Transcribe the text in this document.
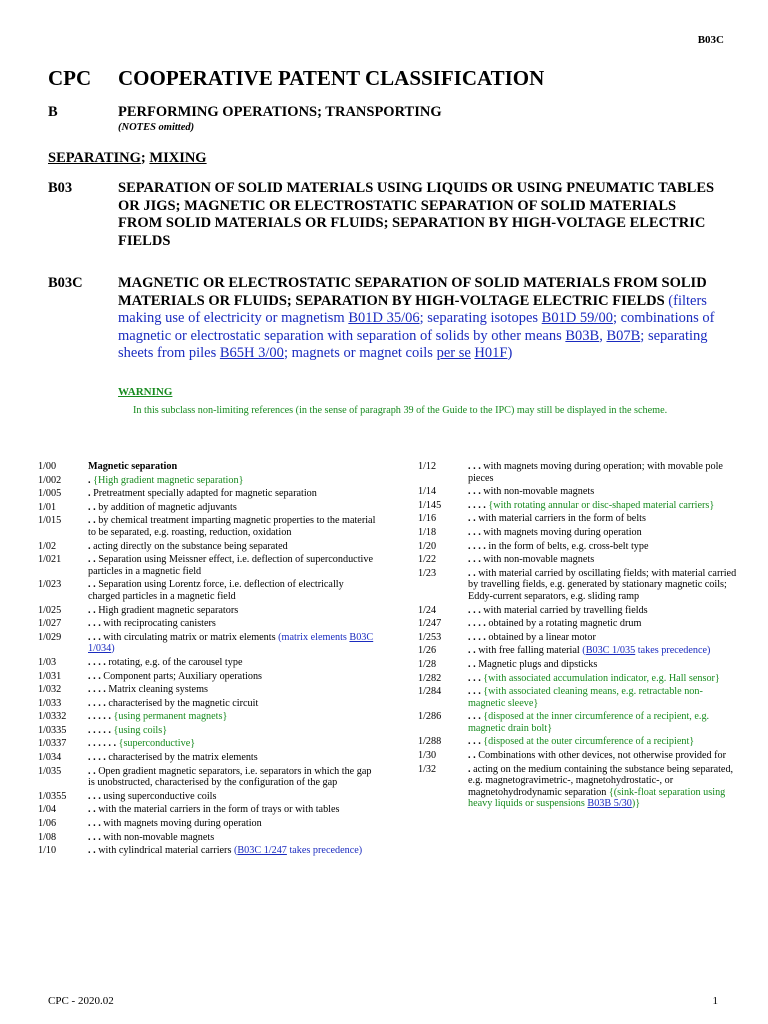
B03C
CPC COOPERATIVE PATENT CLASSIFICATION
B	PERFORMING OPERATIONS; TRANSPORTING
(NOTES omitted)
SEPARATING; MIXING
B03	SEPARATION OF SOLID MATERIALS USING LIQUIDS OR USING PNEUMATIC TABLES OR JIGS; MAGNETIC OR ELECTROSTATIC SEPARATION OF SOLID MATERIALS FROM SOLID MATERIALS OR FLUIDS; SEPARATION BY HIGH-VOLTAGE ELECTRIC FIELDS
B03C MAGNETIC OR ELECTROSTATIC SEPARATION OF SOLID MATERIALS FROM SOLID MATERIALS OR FLUIDS; SEPARATION BY HIGH-VOLTAGE ELECTRIC FIELDS (filters making use of electricity or magnetism B01D 35/06; separating isotopes B01D 59/00; combinations of magnetic or electrostatic separation with separation of solids by other means B03B, B07B; separating sheets from piles B65H 3/00; magnets or magnet coils per se H01F)
WARNING
In this subclass non-limiting references (in the sense of paragraph 39 of the Guide to the IPC) may still be displayed in the scheme.
1/00	Magnetic separation
1/002	. {High gradient magnetic separation}
1/005	. Pretreatment specially adapted for magnetic separation
1/01	. . by addition of magnetic adjuvants
1/015	. . by chemical treatment imparting magnetic properties to the material to be separated, e.g. roasting, reduction, oxidation
1/02	. acting directly on the substance being separated
1/021	. . Separation using Meissner effect, i.e. deflection of superconductive particles in a magnetic field
1/023	. . Separation using Lorentz force, i.e. deflection of electrically charged particles in a magnetic field
1/025	. . High gradient magnetic separators
1/027	. . . with reciprocating canisters
1/029	. . . with circulating matrix or matrix elements (matrix elements B03C 1/034)
1/03	. . . . rotating, e.g. of the carousel type
1/031	. . . Component parts; Auxiliary operations
1/032	. . . . Matrix cleaning systems
1/033	. . . . characterised by the magnetic circuit
1/0332	. . . . . {using permanent magnets}
1/0335	. . . . . {using coils}
1/0337	. . . . . . {superconductive}
1/034	. . . . characterised by the matrix elements
1/035	. . Open gradient magnetic separators, i.e. separators in which the gap is unobstructed, characterised by the configuration of the gap
1/0355	. . . using superconductive coils
1/04	. . with the material carriers in the form of trays or with tables
1/06	. . . with magnets moving during operation
1/08	. . . with non-movable magnets
1/10	. . with cylindrical material carriers (B03C 1/247 takes precedence)
1/12	. . . with magnets moving during operation; with movable pole pieces
1/14	. . . with non-movable magnets
1/145	. . . . {with rotating annular or disc-shaped material carriers}
1/16	. . with material carriers in the form of belts
1/18	. . . with magnets moving during operation
1/20	. . . . in the form of belts, e.g. cross-belt type
1/22	. . . with non-movable magnets
1/23	. . with material carried by oscillating fields; with material carried by travelling fields, e.g. generated by stationary magnetic coils; Eddy-current separators, e.g. sliding ramp
1/24	. . . with material carried by travelling fields
1/247	. . . . obtained by a rotating magnetic drum
1/253	. . . . obtained by a linear motor
1/26	. . with free falling material (B03C 1/035 takes precedence)
1/28	. . Magnetic plugs and dipsticks
1/282	. . . {with associated accumulation indicator, e.g. Hall sensor}
1/284	. . . {with associated cleaning means, e.g. retractable non-magnetic sleeve}
1/286	. . . {disposed at the inner circumference of a recipient, e.g. magnetic drain bolt}
1/288	. . . {disposed at the outer circumference of a recipient}
1/30	. . Combinations with other devices, not otherwise provided for
1/32	. acting on the medium containing the substance being separated, e.g. magnetogravimetric-, magnetohydrostatic-, or magnetohydrodynamic separation {(sink-float separation using heavy liquids or suspensions B03B 5/30)}
CPC - 2020.02	1
